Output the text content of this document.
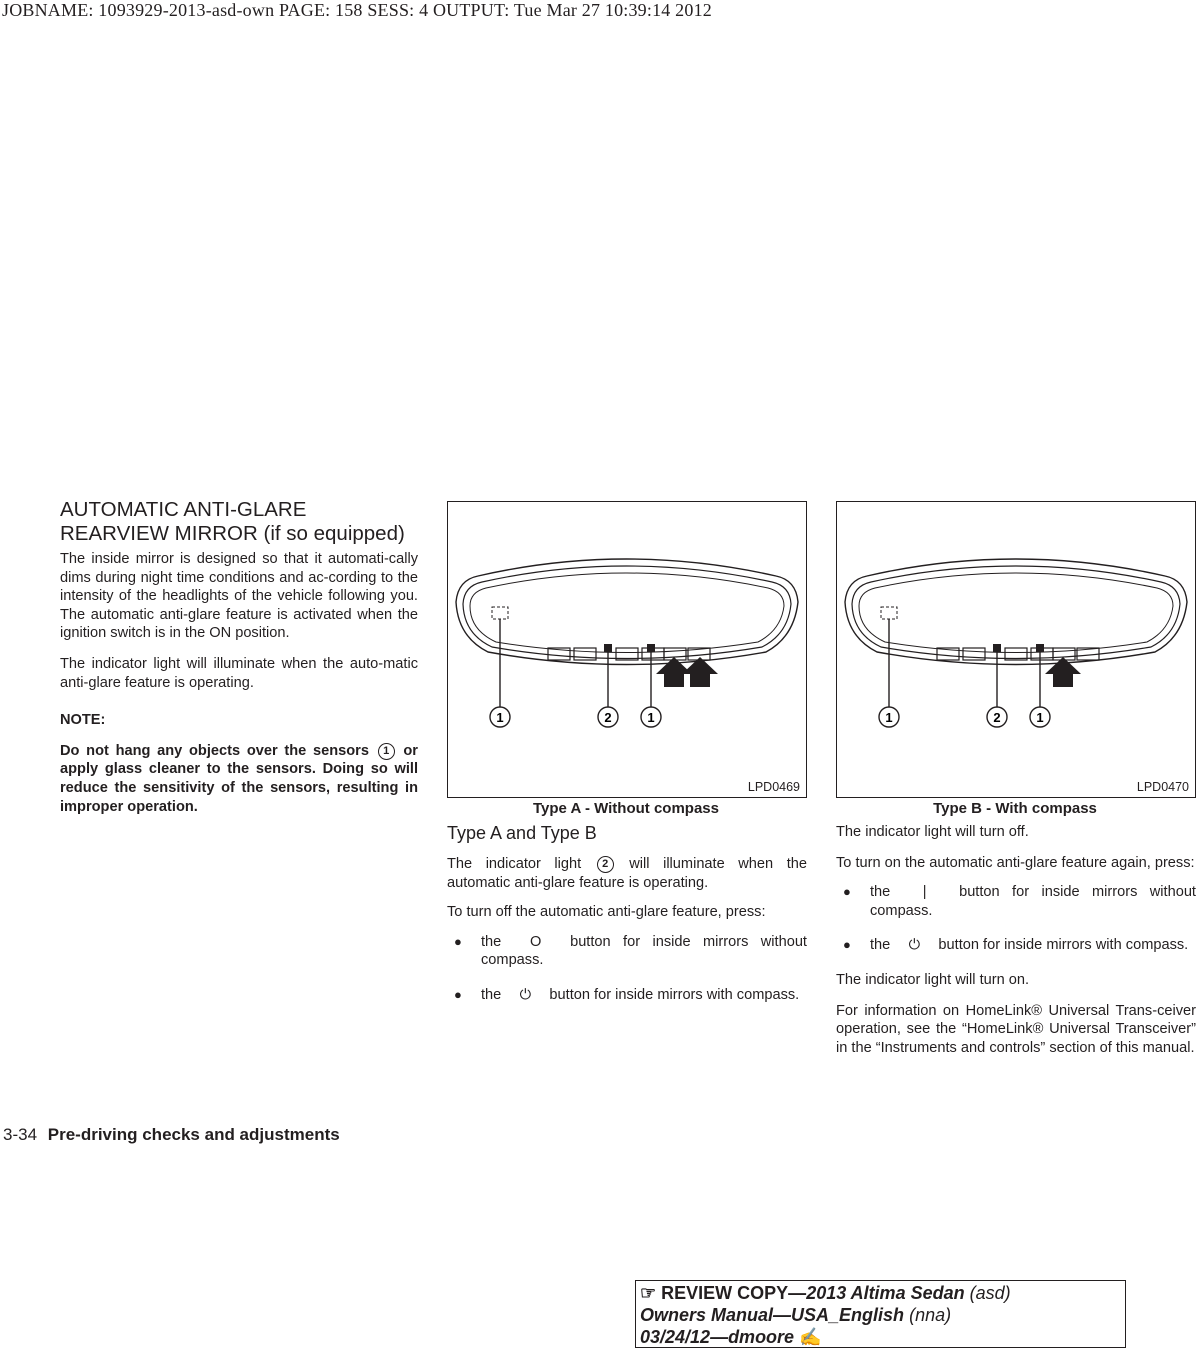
JOBNAME: 1093929-2013-asd-own PAGE: 158 SESS: 4 OUTPUT: Tue Mar 27 10:39:14 2012
AUTOMATIC ANTI-GLARE
REARVIEW MIRROR (if so equipped)

The inside mirror is designed so that it automati-cally dims during night time conditions and ac-cording to the intensity of the headlights of the vehicle following you. The automatic anti-glare feature is activated when the ignition switch is in the ON position.

The indicator light will illuminate when the auto-matic anti-glare feature is operating.

NOTE:

Do not hang any objects over the sensors 1 or apply glass cleaner to the sensors. Doing so will reduce the sensitivity of the sensors, resulting in improper operation.

1	2	1
LPD0469
Type A - Without compass
1	2	1
LPD0470
Type B - With compass
Type A and Type B

The indicator light 2 will illuminate when the automatic anti-glare feature is operating.

To turn off the automatic anti-glare feature, press:

● the O button for inside mirrors without compass.
● the ⏻ button for inside mirrors with compass.

The indicator light will turn off.

To turn on the automatic anti-glare feature again, press:

● the | button for inside mirrors without compass.
● the ⏻ button for inside mirrors with compass.

The indicator light will turn on.

For information on HomeLink® Universal Trans-ceiver operation, see the “HomeLink® Universal Transceiver” in the “Instruments and controls” section of this manual.

3-34 Pre-driving checks and adjustments
☞ REVIEW COPY—2013 Altima Sedan (asd)
Owners Manual—USA_English (nna)
03/24/12—dmoore ✍
